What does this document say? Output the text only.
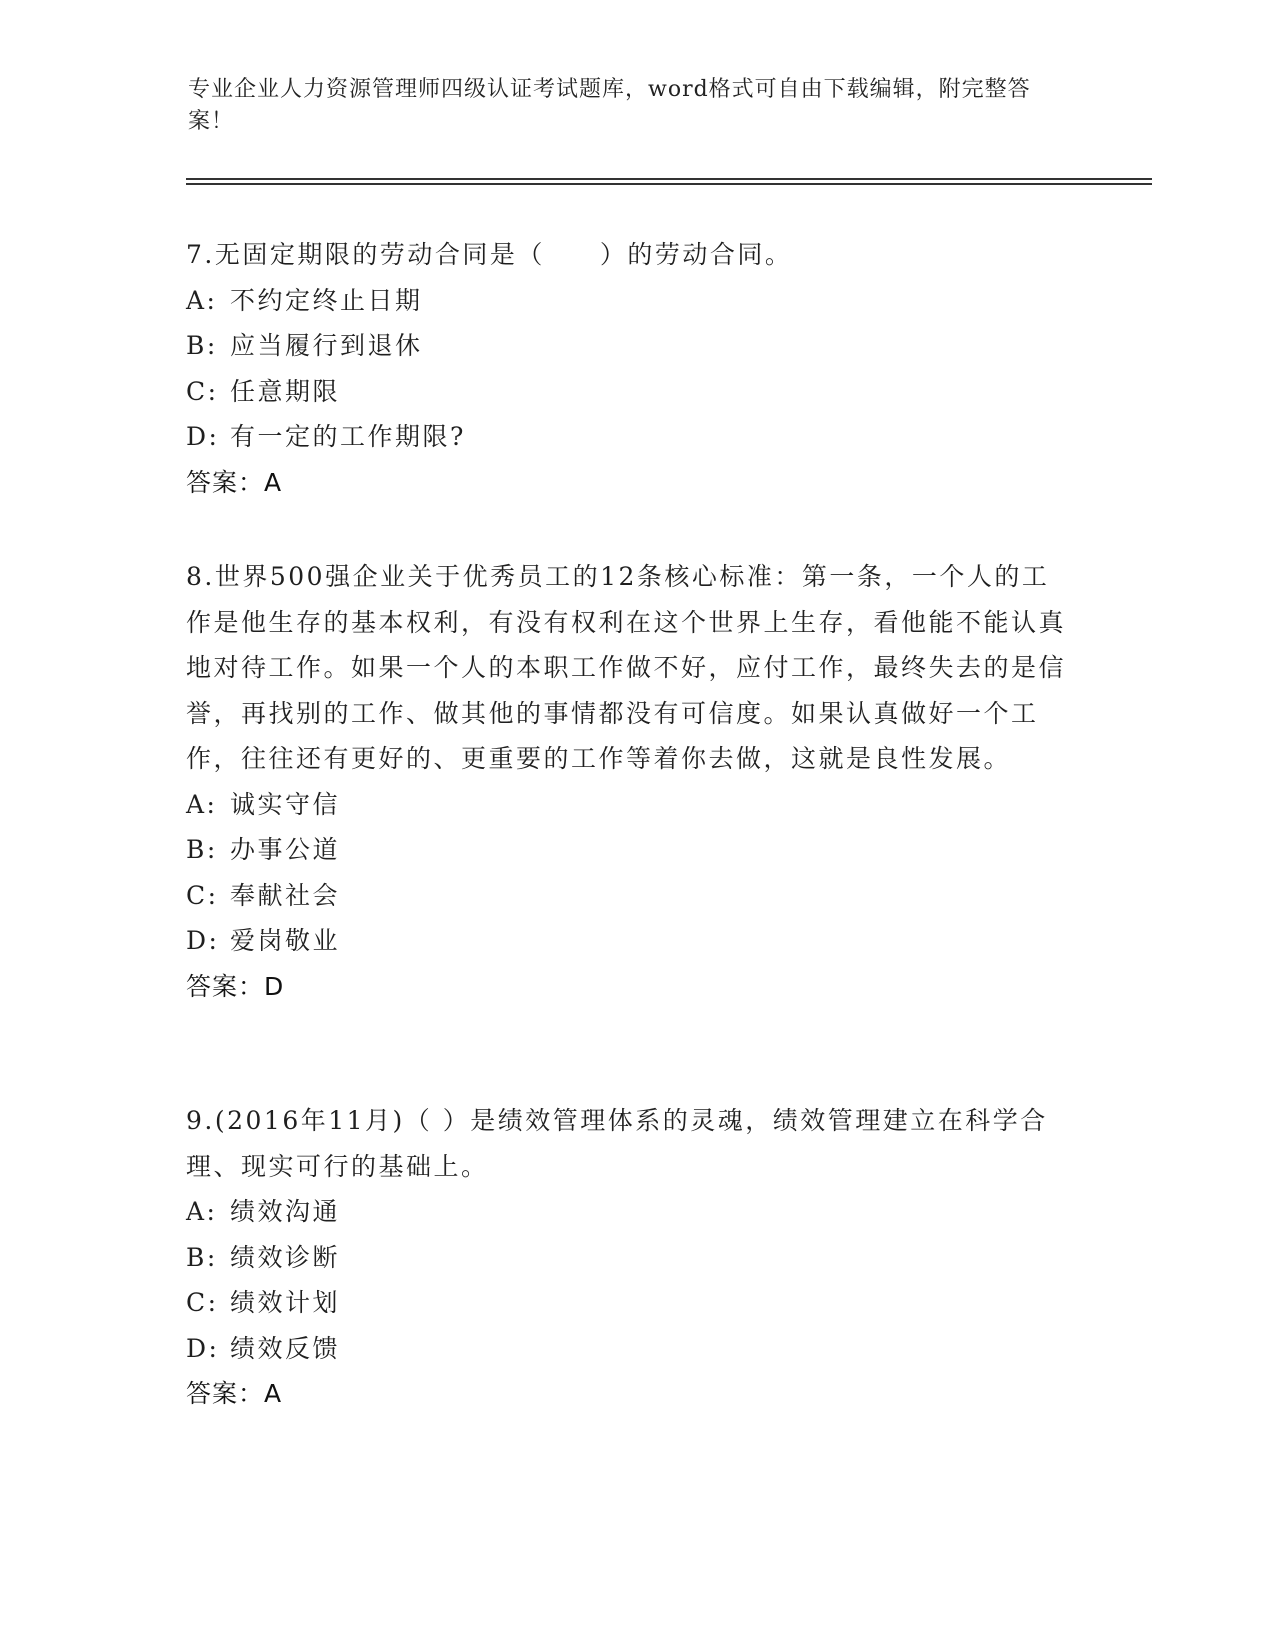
专业企业人力资源管理师四级认证考试题库，word格式可自由下载编辑，附完整答案！

7.无固定期限的劳动合同是（　　）的劳动合同。

A: 不约定终止日期

B: 应当履行到退休

C: 任意期限

D: 有一定的工作期限?

答案：A

8.世界500强企业关于优秀员工的12条核心标准：第一条，一个人的工作是他生存的基本权利，有没有权利在这个世界上生存，看他能不能认真地对待工作。如果一个人的本职工作做不好，应付工作，最终失去的是信誉，再找别的工作、做其他的事情都没有可信度。如果认真做好一个工作，往往还有更好的、更重要的工作等着你去做，这就是良性发展。

A: 诚实守信

B: 办事公道

C: 奉献社会

D: 爱岗敬业

答案：D

9.(2016年11月)（ ）是绩效管理体系的灵魂，绩效管理建立在科学合理、现实可行的基础上。

A: 绩效沟通

B: 绩效诊断

C: 绩效计划

D: 绩效反馈

答案：A
